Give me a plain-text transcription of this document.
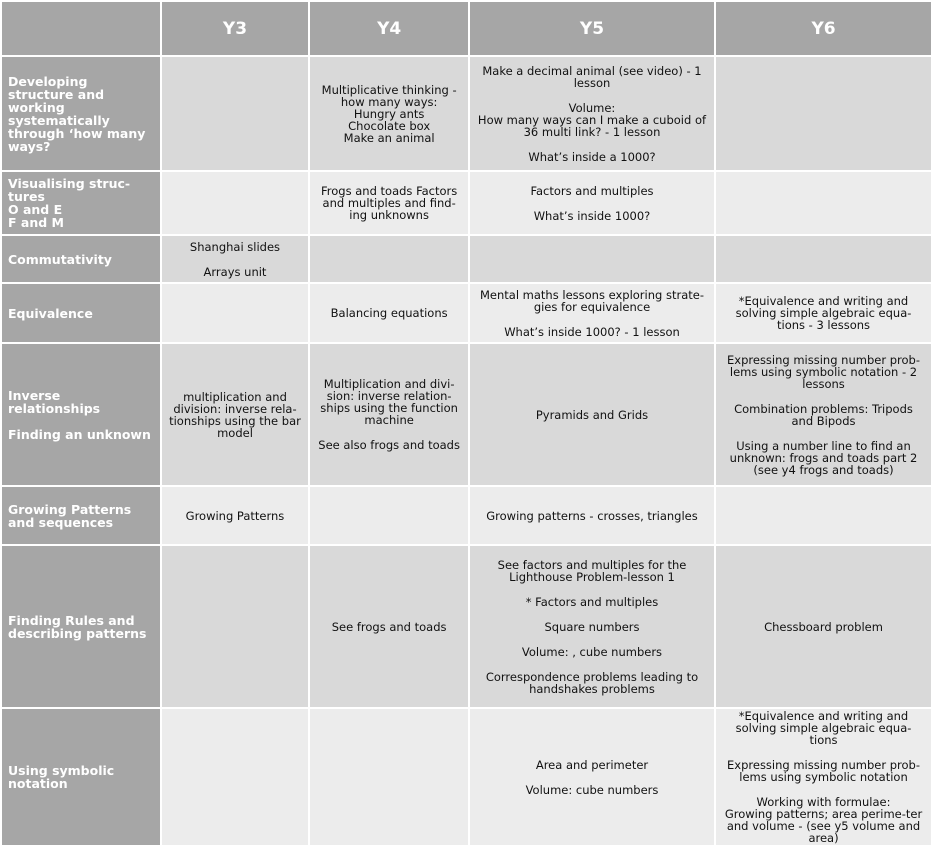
	Y3	Y4	Y5	Y6

Developing structure and working systematically through ‘how many ways?		Multiplicative thinking - how many ways:
Hungry ants
Chocolate box
Make an animal	Make a decimal animal (see video) - 1 lesson
Volume:
How many ways can I make a cuboid of 36 multi link? - 1 lesson
What’s inside a 1000?	

Visualising struc-tures
O and E
F and M		Frogs and toads Factors and multiples and find-ing unknowns	Factors and multiples
What’s inside 1000?	

Commutativity	Shanghai slides
Arrays unit			

Equivalence		Balancing equations	Mental maths lessons exploring strate-gies for equivalence
What’s inside 1000? - 1 lesson	*Equivalence and writing and solving simple algebraic equa-tions - 3 lessons

Inverse relationships
Finding an unknown	multiplication and division: inverse rela-tionships using the bar model	Multiplication and divi-sion: inverse relation-ships using the function machine
See also frogs and toads	Pyramids and Grids	Expressing missing number prob-lems using symbolic notation - 2 lessons
Combination problems: Tripods and Bipods
Using a number line to find an unknown: frogs and toads part 2 (see y4 frogs and toads)

Growing Patterns and sequences	Growing Patterns		Growing patterns - crosses, triangles	

Finding Rules and describing patterns		See frogs and toads	See factors and multiples for the Lighthouse Problem-lesson 1
* Factors and multiples
Square numbers
Volume: , cube numbers
Correspondence problems leading to handshakes problems	Chessboard problem

Using symbolic notation			Area and perimeter
Volume: cube numbers	*Equivalence and writing and solving simple algebraic equa-tions
Expressing missing number prob-lems using symbolic notation
Working with formulae:
Growing patterns; area perime-ter and volume - (see y5 volume and area)
